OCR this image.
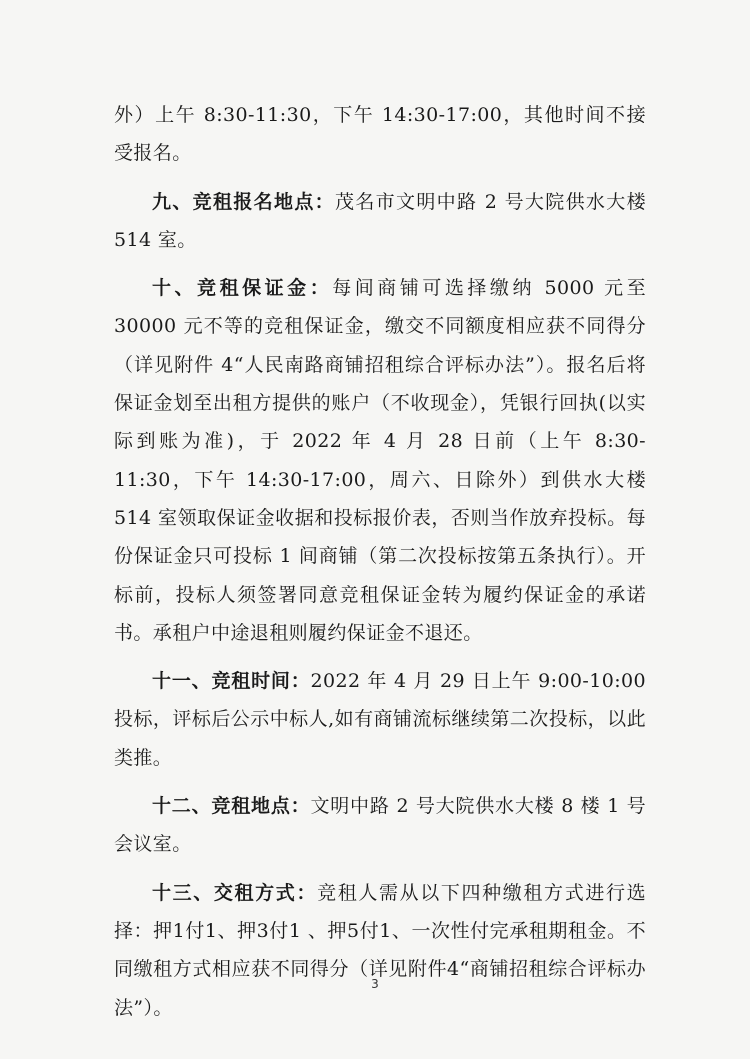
外）上午 8:30-11:30，下午 14:30-17:00，其他时间不接受报名。

九、竞租报名地点：茂名市文明中路 2 号大院供水大楼 514 室。

十、竞租保证金：每间商铺可选择缴纳 5000 元至 30000 元不等的竞租保证金，缴交不同额度相应获不同得分（详见附件 4“人民南路商铺招租综合评标办法”）。报名后将保证金划至出租方提供的账户（不收现金），凭银行回执(以实际到账为准)，于 2022 年 4 月 28 日前（上午 8:30-11:30，下午 14:30-17:00，周六、日除外）到供水大楼 514 室领取保证金收据和投标报价表，否则当作放弃投标。每份保证金只可投标 1 间商铺（第二次投标按第五条执行）。开标前，投标人须签署同意竞租保证金转为履约保证金的承诺书。承租户中途退租则履约保证金不退还。

十一、竞租时间：2022 年 4 月 29 日上午 9:00-10:00 投标，评标后公示中标人,如有商铺流标继续第二次投标，以此类推。

十二、竞租地点：文明中路 2 号大院供水大楼 8 楼 1 号会议室。

十三、交租方式：竞租人需从以下四种缴租方式进行选择：押1付1、押3付1 、押5付1、一次性付完承租期租金。不同缴租方式相应获不同得分（详见附件4“商铺招租综合评标办法”）。

3
